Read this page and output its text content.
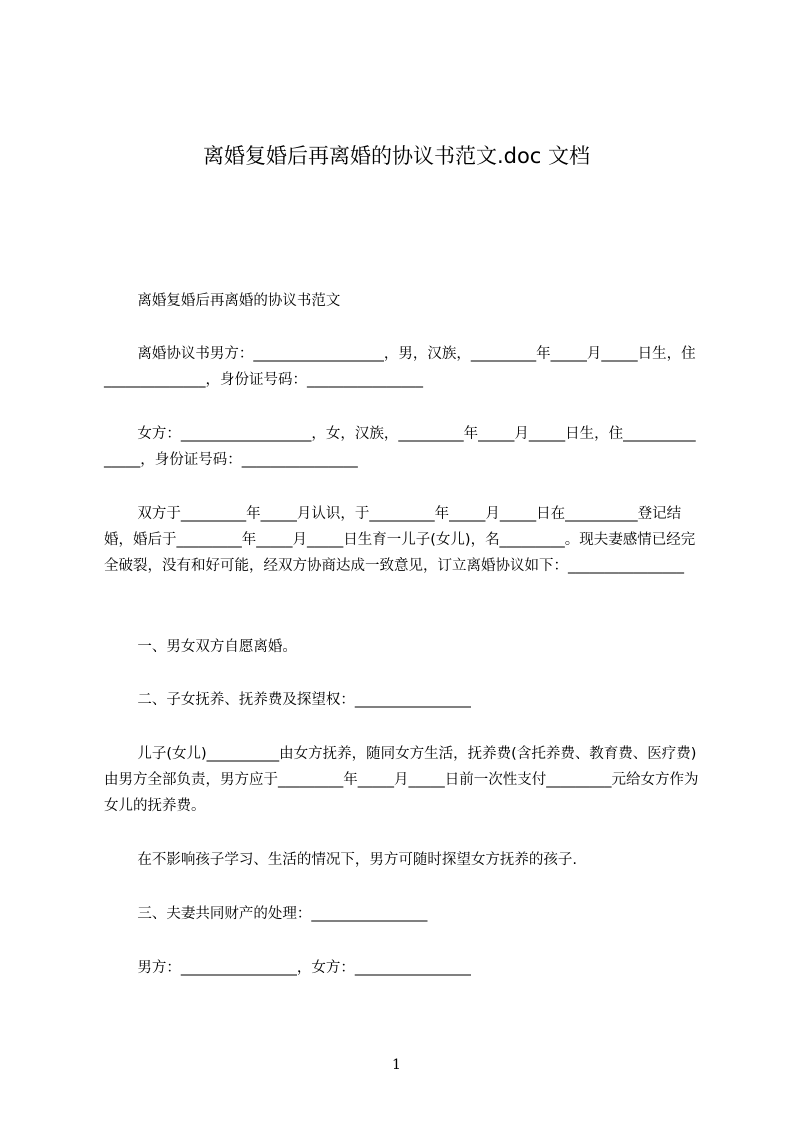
离婚复婚后再离婚的协议书范文.doc 文档
离婚复婚后再离婚的协议书范文
离婚协议书男方：__________________，男，汉族，_________年_____月_____日生，住______________，身份证号码：________________
女方：__________________，女，汉族，_________年_____月_____日生，住_______________，身份证号码：________________
双方于_________年_____月认识，于_________年_____月_____日在__________登记结婚，婚后于_________年_____月_____日生育一儿子(女儿)，名_________。现夫妻感情已经完全破裂，没有和好可能，经双方协商达成一致意见，订立离婚协议如下：________________
一、男女双方自愿离婚。
二、子女抚养、抚养费及探望权：________________
儿子(女儿)__________由女方抚养，随同女方生活，抚养费(含托养费、教育费、医疗费)由男方全部负责，男方应于_________年_____月_____日前一次性支付_________元给女方作为女儿的抚养费。
在不影响孩子学习、生活的情况下，男方可随时探望女方抚养的孩子.
三、夫妻共同财产的处理：________________
男方：________________，女方：________________
1
